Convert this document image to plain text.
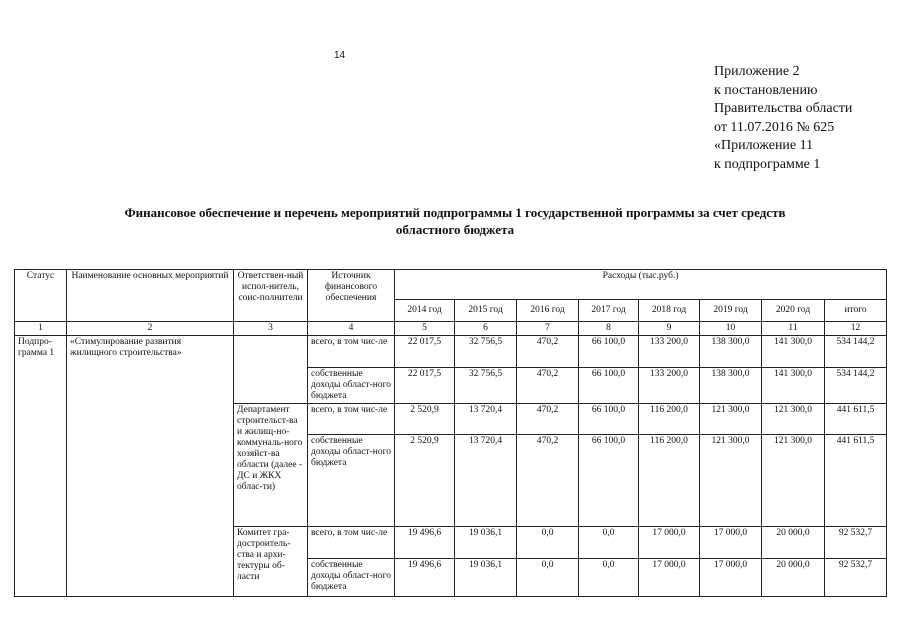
14
Приложение 2
к постановлению
Правительства области
от 11.07.2016 № 625
«Приложение 11
к подпрограмме 1
Финансовое обеспечение и перечень мероприятий подпрограммы 1 государственной программы за счет средств
областного бюджета
Статус	Наименование основных мероприятий	Ответствен-ный испол-нитель, соис-полнители	Источник финансового обеспечения	Расходы (тыс.руб.)							
				2014 год	2015 год	2016 год	2017 год	2018 год	2019 год	2020 год	итого
1	2	3	4	5	6	7	8	9	10	11	12
Подпро-грамма 1	«Стимулирование развития жилищного строительства»		всего, в том чис-ле	22 017,5	32 756,5	470,2	66 100,0	133 200,0	138 300,0	141 300,0	534 144,2
			собственные доходы област-ного бюджета	22 017,5	32 756,5	470,2	66 100,0	133 200,0	138 300,0	141 300,0	534 144,2
		Департамент строительст-ва и жилищ-но-коммуналь-ного хозяйст-ва области (далее - ДС и ЖКХ облас-ти)	всего, в том чис-ле	2 520,9	13 720,4	470,2	66 100,0	116 200,0	121 300,0	121 300,0	441 611,5
			собственные доходы област-ного бюджета	2 520,9	13 720,4	470,2	66 100,0	116 200,0	121 300,0	121 300,0	441 611,5
		Комитет гра-достроитель-ства и архи-тектуры об-ласти	всего, в том чис-ле	19 496,6	19 036,1	0,0	0,0	17 000,0	17 000,0	20 000,0	92 532,7
			собственные доходы област-ного бюджета	19 496,6	19 036,1	0,0	0,0	17 000,0	17 000,0	20 000,0	92 532,7
